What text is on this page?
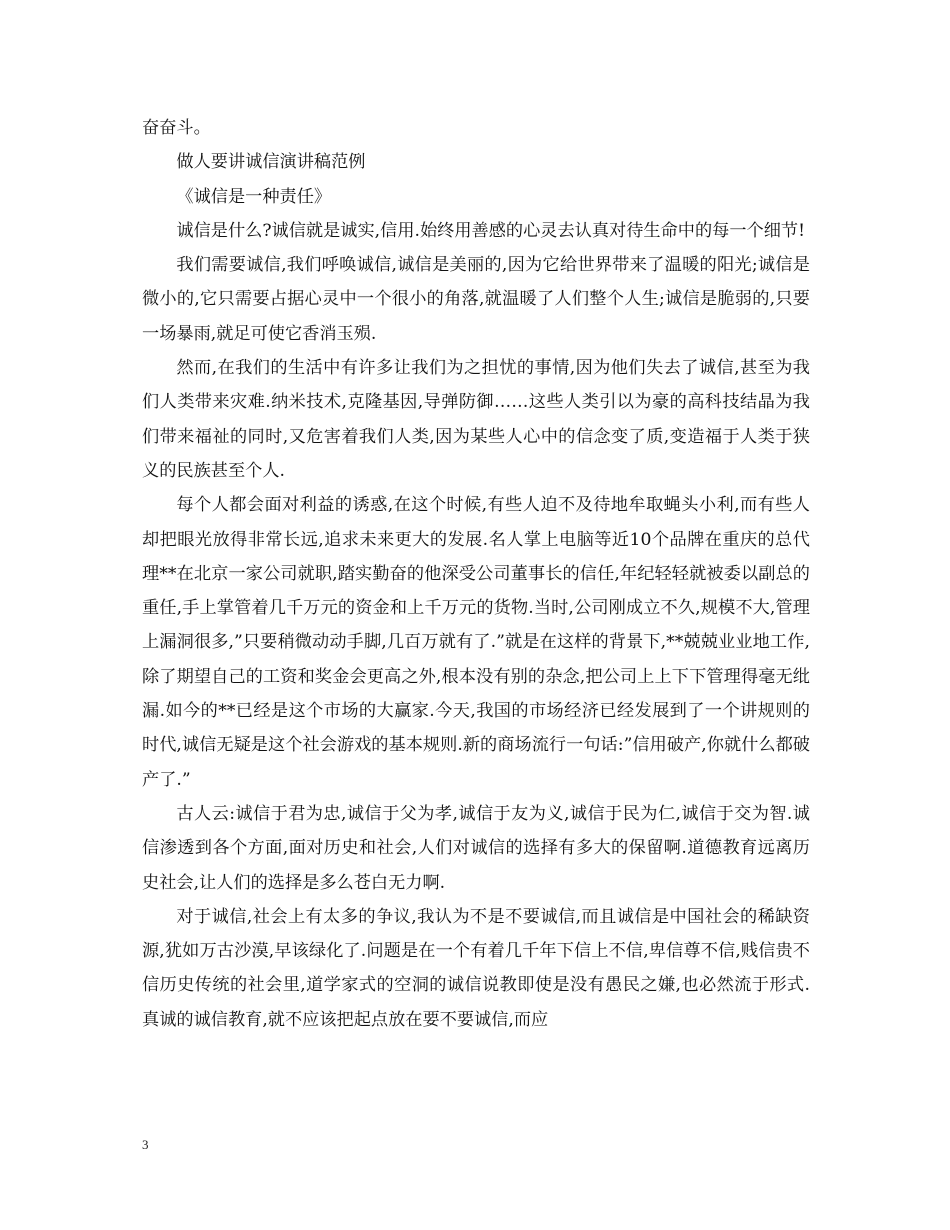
奋奋斗。

做人要讲诚信演讲稿范例

《诚信是一种责任》

诚信是什么?诚信就是诚实,信用.始终用善感的心灵去认真对待生命中的每一个细节!

我们需要诚信,我们呼唤诚信,诚信是美丽的,因为它给世界带来了温暖的阳光;诚信是微小的,它只需要占据心灵中一个很小的角落,就温暖了人们整个人生;诚信是脆弱的,只要一场暴雨,就足可使它香消玉殒.

然而,在我们的生活中有许多让我们为之担忧的事情,因为他们失去了诚信,甚至为我们人类带来灾难.纳米技术,克隆基因,导弹防御……这些人类引以为豪的高科技结晶为我们带来福祉的同时,又危害着我们人类,因为某些人心中的信念变了质,变造福于人类于狭义的民族甚至个人.

每个人都会面对利益的诱惑,在这个时候,有些人迫不及待地牟取蝇头小利,而有些人却把眼光放得非常长远,追求未来更大的发展.名人掌上电脑等近10个品牌在重庆的总代理**在北京一家公司就职,踏实勤奋的他深受公司董事长的信任,年纪轻轻就被委以副总的重任,手上掌管着几千万元的资金和上千万元的货物.当时,公司刚成立不久,规模不大,管理上漏洞很多,”只要稍微动动手脚,几百万就有了.”就是在这样的背景下,**兢兢业业地工作,除了期望自己的工资和奖金会更高之外,根本没有别的杂念,把公司上上下下管理得毫无纰漏.如今的**已经是这个市场的大赢家.今天,我国的市场经济已经发展到了一个讲规则的时代,诚信无疑是这个社会游戏的基本规则.新的商场流行一句话:”信用破产,你就什么都破产了.”

古人云:诚信于君为忠,诚信于父为孝,诚信于友为义,诚信于民为仁,诚信于交为智.诚信渗透到各个方面,面对历史和社会,人们对诚信的选择有多大的保留啊.道德教育远离历史社会,让人们的选择是多么苍白无力啊.

对于诚信,社会上有太多的争议,我认为不是不要诚信,而且诚信是中国社会的稀缺资源,犹如万古沙漠,早该绿化了.问题是在一个有着几千年下信上不信,卑信尊不信,贱信贵不信历史传统的社会里,道学家式的空洞的诚信说教即使是没有愚民之嫌,也必然流于形式.真诚的诚信教育,就不应该把起点放在要不要诚信,而应

3
